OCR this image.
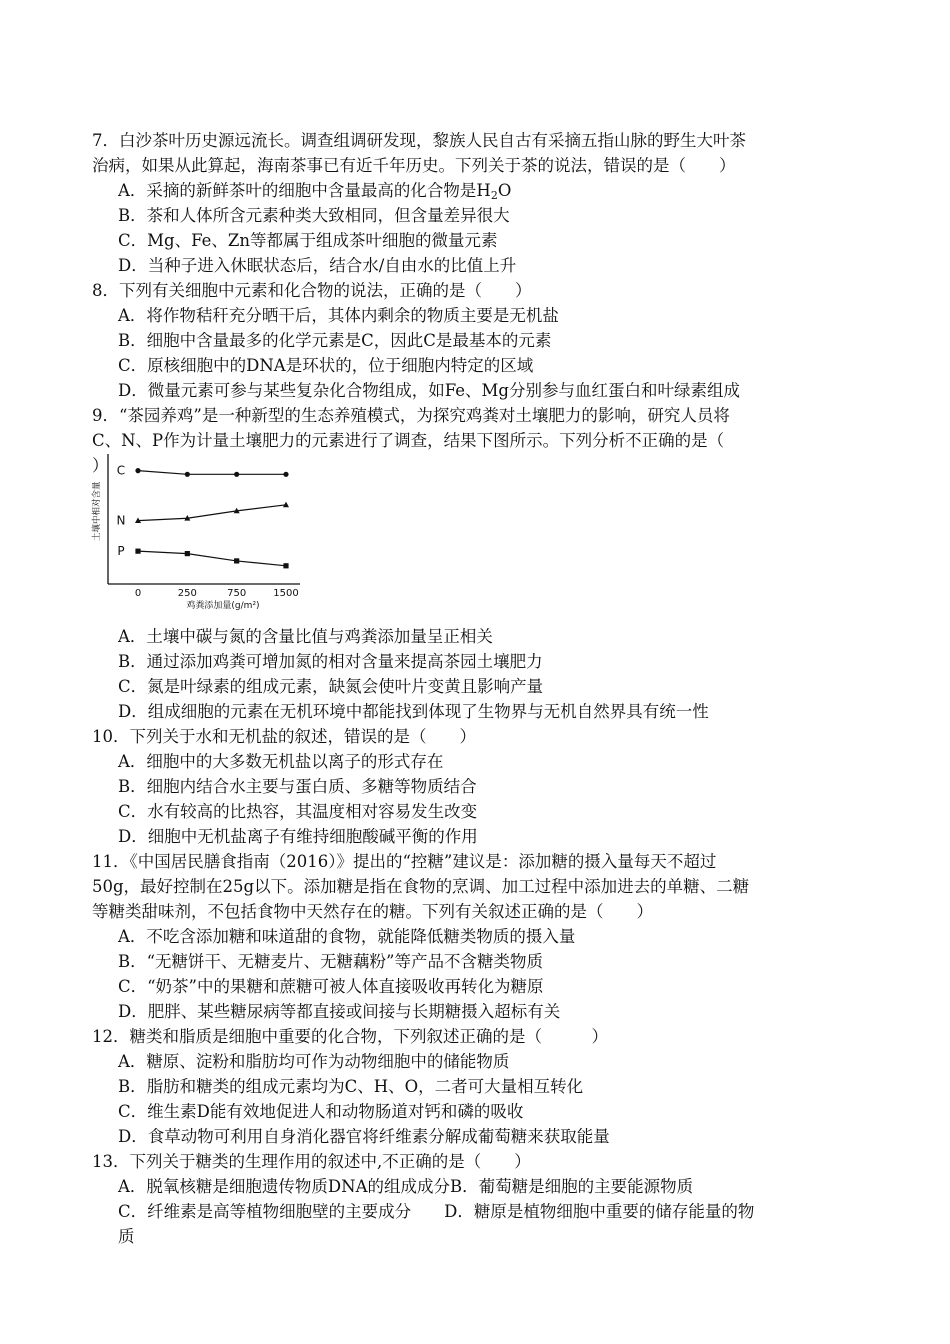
7．白沙茶叶历史源远流长。调查组调研发现，黎族人民自古有采摘五指山脉的野生大叶茶
治病，如果从此算起，海南茶事已有近千年历史。下列关于茶的说法，错误的是（　　）
A．采摘的新鲜茶叶的细胞中含量最高的化合物是$H_2O$
B．茶和人体所含元素种类大致相同，但含量差异很大
C．Mg、Fe、Zn等都属于组成茶叶细胞的微量元素
D．当种子进入休眠状态后，结合水/自由水的比值上升
8．下列有关细胞中元素和化合物的说法，正确的是（　　）
A．将作物秸秆充分晒干后，其体内剩余的物质主要是无机盐
B．细胞中含量最多的化学元素是C，因此C是最基本的元素
C．原核细胞中的DNA是环状的，位于细胞内特定的区域
D．微量元素可参与某些复杂化合物组成，如Fe、Mg分别参与血红蛋白和叶绿素组成
9．“茶园养鸡”是一种新型的生态养殖模式，为探究鸡粪对土壤肥力的影响，研究人员将
C、N、P作为计量土壤肥力的元素进行了调查，结果下图所示。下列分析不正确的是（
）
土壤中相对含量
C
N
P
0	250	750	1500
鸡粪添加量(g/m²)
A．土壤中碳与氮的含量比值与鸡粪添加量呈正相关
B．通过添加鸡粪可增加氮的相对含量来提高茶园土壤肥力
C．氮是叶绿素的组成元素，缺氮会使叶片变黄且影响产量
D．组成细胞的元素在无机环境中都能找到体现了生物界与无机自然界具有统一性
10．下列关于水和无机盐的叙述，错误的是（　　）
A．细胞中的大多数无机盐以离子的形式存在
B．细胞内结合水主要与蛋白质、多糖等物质结合
C．水有较高的比热容，其温度相对容易发生改变
D．细胞中无机盐离子有维持细胞酸碱平衡的作用
11．《中国居民膳食指南（2016）》提出的“控糖”建议是：添加糖的摄入量每天不超过
50g，最好控制在25g以下。添加糖是指在食物的烹调、加工过程中添加进去的单糖、二糖
等糖类甜味剂，不包括食物中天然存在的糖。下列有关叙述正确的是（　　）
A．不吃含添加糖和味道甜的食物，就能降低糖类物质的摄入量
B．“无糖饼干、无糖麦片、无糖藕粉”等产品不含糖类物质
C．“奶茶”中的果糖和蔗糖可被人体直接吸收再转化为糖原
D．肥胖、某些糖尿病等都直接或间接与长期糖摄入超标有关
12．糖类和脂质是细胞中重要的化合物，下列叙述正确的是（　　　）
A．糖原、淀粉和脂肪均可作为动物细胞中的储能物质
B．脂肪和糖类的组成元素均为C、H、O，二者可大量相互转化
C．维生素D能有效地促进人和动物肠道对钙和磷的吸收
D．食草动物可利用自身消化器官将纤维素分解成葡萄糖来获取能量
13．下列关于糖类的生理作用的叙述中,不正确的是（　　）
A．脱氧核糖是细胞遗传物质DNA的组成成分B．葡萄糖是细胞的主要能源物质
C．纤维素是高等植物细胞壁的主要成分　　D．糖原是植物细胞中重要的储存能量的物
质
